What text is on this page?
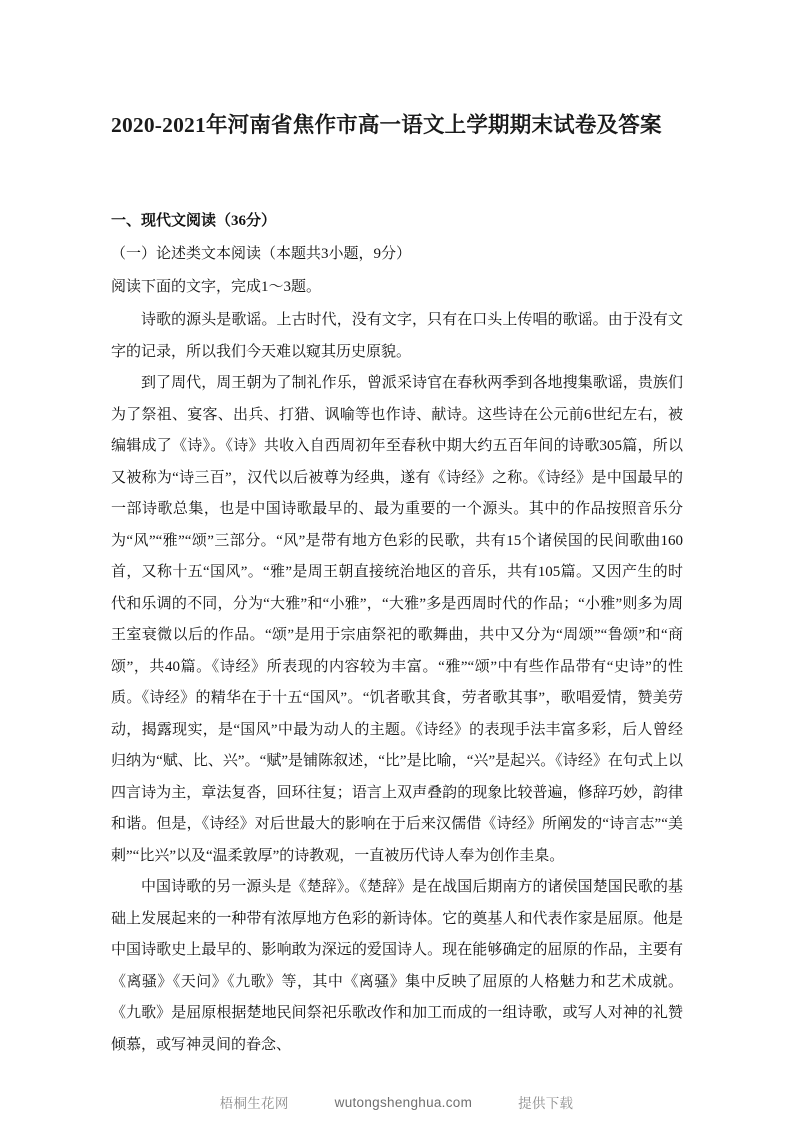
2020-2021年河南省焦作市高一语文上学期期末试卷及答案

一、现代文阅读（36分）

（一）论述类文本阅读（本题共3小题，9分）

阅读下面的文字，完成1～3题。

诗歌的源头是歌谣。上古时代，没有文字，只有在口头上传唱的歌谣。由于没有文字的记录，所以我们今天难以窥其历史原貌。

到了周代，周王朝为了制礼作乐，曾派采诗官在春秋两季到各地搜集歌谣，贵族们为了祭祖、宴客、出兵、打猎、讽喻等也作诗、献诗。这些诗在公元前6世纪左右，被编辑成了《诗》。《诗》共收入自西周初年至春秋中期大约五百年间的诗歌305篇，所以又被称为“诗三百”，汉代以后被尊为经典，遂有《诗经》之称。《诗经》是中国最早的一部诗歌总集，也是中国诗歌最早的、最为重要的一个源头。其中的作品按照音乐分为“风”“雅”“颂”三部分。“风”是带有地方色彩的民歌，共有15个诸侯国的民间歌曲160首，又称十五“国风”。“雅”是周王朝直接统治地区的音乐，共有105篇。又因产生的时代和乐调的不同，分为“大雅”和“小雅”，“大雅”多是西周时代的作品；“小雅”则多为周王室衰微以后的作品。“颂”是用于宗庙祭祀的歌舞曲，共中又分为“周颂”“鲁颂”和“商颂”，共40篇。《诗经》所表现的内容较为丰富。“雅”“颂”中有些作品带有“史诗”的性质。《诗经》的精华在于十五“国风”。“饥者歌其食，劳者歌其事”，歌唱爱情，赞美劳动，揭露现实，是“国风”中最为动人的主题。《诗经》的表现手法丰富多彩，后人曾经归纳为“赋、比、兴”。“赋”是铺陈叙述，“比”是比喻，“兴”是起兴。《诗经》在句式上以四言诗为主，章法复沓，回环往复；语言上双声叠韵的现象比较普遍，修辞巧妙，韵律和谐。但是，《诗经》对后世最大的影响在于后来汉儒借《诗经》所阐发的“诗言志”“美刺”“比兴”以及“温柔敦厚”的诗教观，一直被历代诗人奉为创作圭臬。

中国诗歌的另一源头是《楚辞》。《楚辞》是在战国后期南方的诸侯国楚国民歌的基础上发展起来的一种带有浓厚地方色彩的新诗体。它的奠基人和代表作家是屈原。他是中国诗歌史上最早的、影响敢为深远的爱国诗人。现在能够确定的屈原的作品，主要有《离骚》《天问》《九歌》等，其中《离骚》集中反映了屈原的人格魅力和艺术成就。《九歌》是屈原根据楚地民间祭祀乐歌改作和加工而成的一组诗歌，或写人对神的礼赞倾慕，或写神灵间的眷念、

梧桐生花网	wutongshenghua.com	提供下载
